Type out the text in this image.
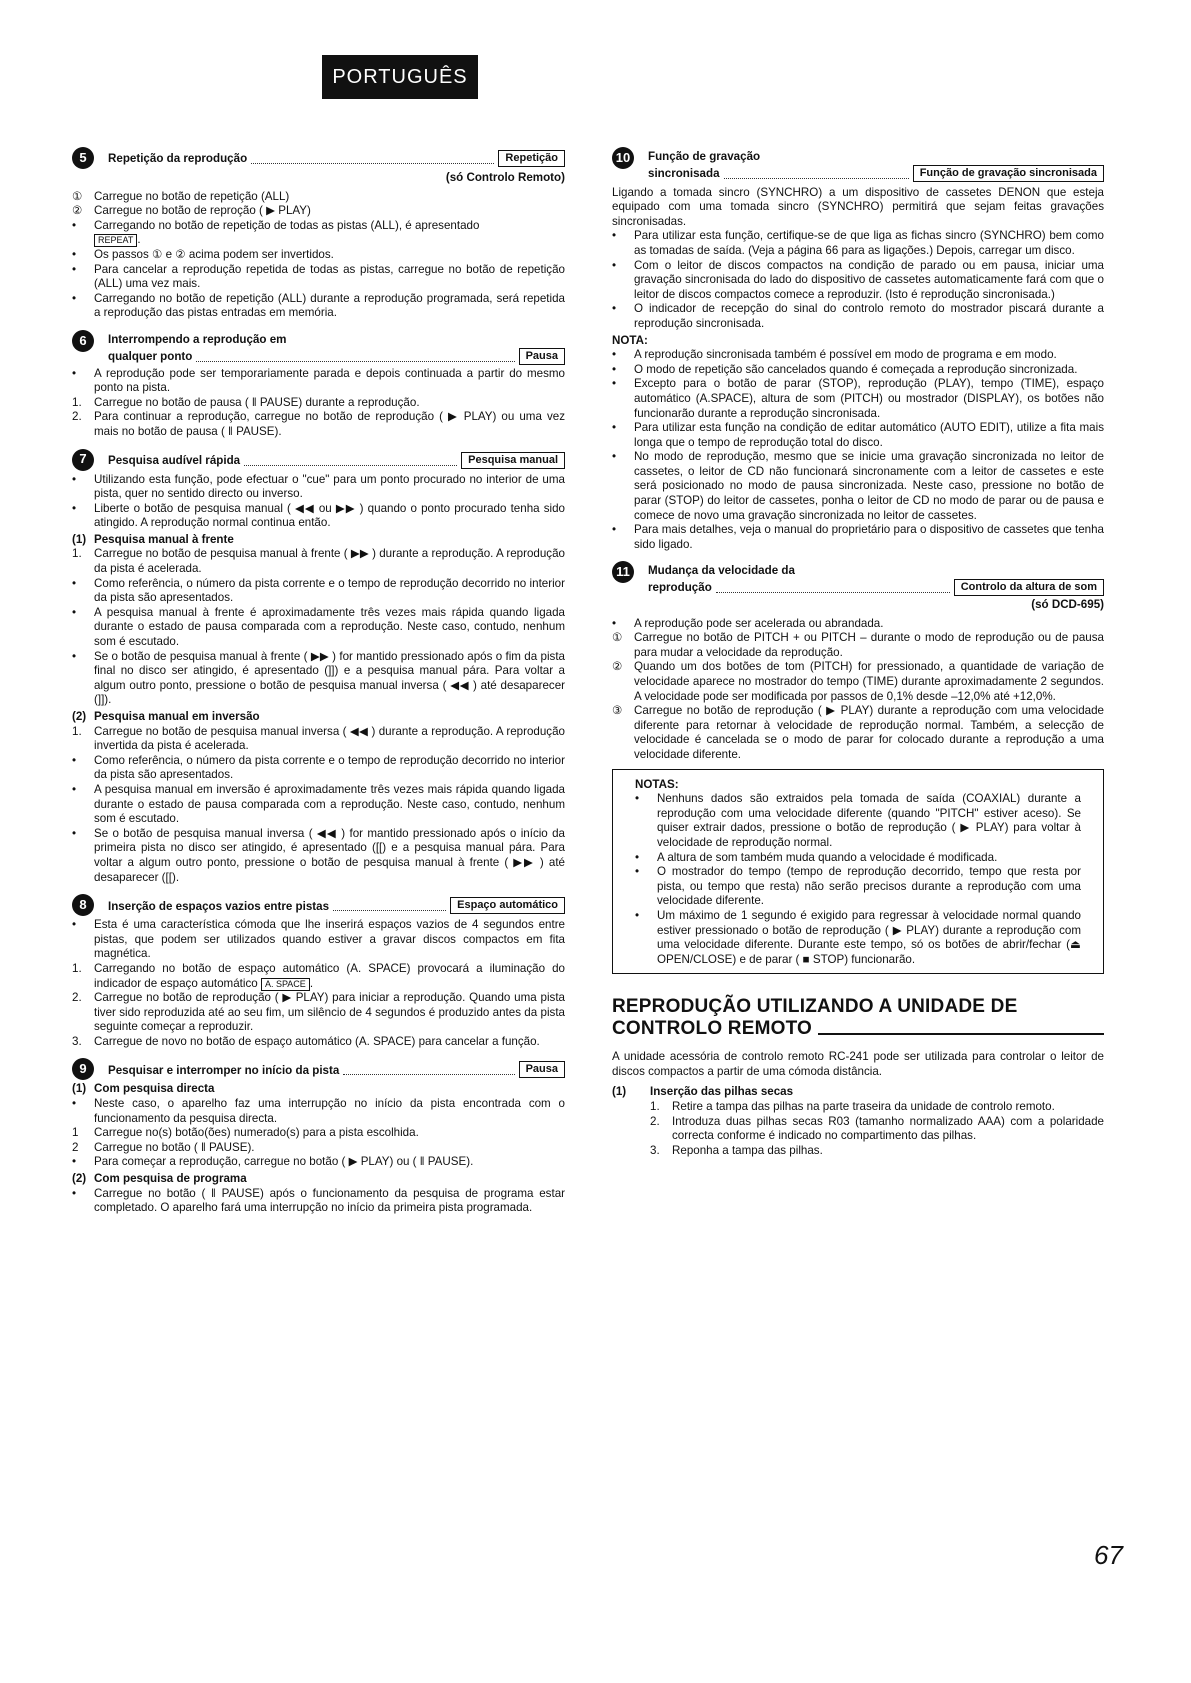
PORTUGUÊS
5	Repetição da reprodução	Repetição
(só Controlo Remoto)
① Carregue no botão de repetição (ALL)
② Carregue no botão de reproção ( ▶ PLAY)
•	Carregando no botão de repetição de todas as pistas (ALL), é apresentado
REPEAT .
•	Os passos ① e ② acima podem ser invertidos.
•	Para cancelar a reprodução repetida de todas as pistas, carregue no botão de repetição (ALL) uma vez mais.
•	Carregando no botão de repetição (ALL) durante a reprodução programada, será repetida a reprodução das pistas entradas em memória.
6	Interrompendo a reprodução em
qualquer ponto	Pausa
•	A reprodução pode ser temporariamente parada e depois continuada a partir do mesmo ponto na pista.
1.	Carregue no botão de pausa ( ǁ PAUSE) durante a reprodução.
2.	Para continuar a reprodução, carregue no botão de reprodução ( ▶ PLAY) ou uma vez mais no botão de pausa ( ǁ PAUSE).
7	Pesquisa audível rápida	Pesquisa manual
•	Utilizando esta função, pode efectuar o "cue" para um ponto procurado no interior de uma pista, quer no sentido directo ou inverso.
•	Liberte o botão de pesquisa manual ( ◀◀ ou ▶▶ ) quando o ponto procurado tenha sido atingido. A reprodução normal continua então.
(1) Pesquisa manual à frente
1.	Carregue no botão de pesquisa manual à frente ( ▶▶ ) durante a reprodução. A reprodução da pista é acelerada.
•	Como referência, o número da pista corrente e o tempo de reprodução decorrido no interior da pista são apresentados.
•	A pesquisa manual à frente é aproximadamente três vezes mais rápida quando ligada durante o estado de pausa comparada com a reprodução. Neste caso, contudo, nenhum som é escutado.
•	Se o botão de pesquisa manual à frente ( ▶▶ ) for mantido pressionado após o fim da pista final no disco ser atingido, é apresentado (]]) e a pesquisa manual pára. Para voltar a algum outro ponto, pressione o botão de pesquisa manual inversa ( ◀◀ ) até desaparecer (]]).
(2) Pesquisa manual em inversão
1.	Carregue no botão de pesquisa manual inversa ( ◀◀ ) durante a reprodução. A reprodução invertida da pista é acelerada.
•	Como referência, o número da pista corrente e o tempo de reprodução decorrido no interior da pista são apresentados.
•	A pesquisa manual em inversão é aproximadamente três vezes mais rápida quando ligada durante o estado de pausa comparada com a reprodução. Neste caso, contudo, nenhum som é escutado.
•	Se o botão de pesquisa manual inversa ( ◀◀ ) for mantido pressionado após o início da primeira pista no disco ser atingido, é apresentado ([[) e a pesquisa manual pára. Para voltar a algum outro ponto, pressione o botão de pesquisa manual à frente ( ▶▶ ) até desaparecer ([[).
8	Inserção de espaços vazios entre pistas	Espaço automático
•	Esta é uma característica cómoda que lhe inserirá espaços vazios de 4 segundos entre pistas, que podem ser utilizados quando estiver a gravar discos compactos em fita magnética.
1.	Carregando no botão de espaço automático (A. SPACE) provocará a iluminação do indicador de espaço automático A. SPACE .
2.	Carregue no botão de reprodução ( ▶ PLAY) para iniciar a reprodução. Quando uma pista tiver sido reproduzida até ao seu fim, um silêncio de 4 segundos é produzido antes da pista seguinte começar a reproduzir.
3.	Carregue de novo no botão de espaço automático (A. SPACE) para cancelar a função.
9	Pesquisar e interromper no início da pista	Pausa
(1) Com pesquisa directa
•	Neste caso, o aparelho faz uma interrupção no início da pista encontrada com o funcionamento da pesquisa directa.
1	Carregue no(s) botão(ões) numerado(s) para a pista escolhida.
2	Carregue no botão ( ǁ PAUSE).
•	Para começar a reprodução, carregue no botão ( ▶ PLAY) ou ( ǁ PAUSE).
(2) Com pesquisa de programa
•	Carregue no botão ( ǁ PAUSE) após o funcionamento da pesquisa de programa estar completado. O aparelho fará uma interrupção no início da primeira pista programada.
10	Função de gravação
sincronisada	Função de gravação sincronisada
Ligando a tomada sincro (SYNCHRO) a um dispositivo de cassetes DENON que esteja equipado com uma tomada sincro (SYNCHRO) permitirá que sejam feitas gravações sincronisadas.
•	Para utilizar esta função, certifique-se de que liga as fichas sincro (SYNCHRO) bem como as tomadas de saída. (Veja a página 66 para as ligações.) Depois, carregar um disco.
•	Com o leitor de discos compactos na condição de parado ou em pausa, iniciar uma gravação sincronisada do lado do dispositivo de cassetes automaticamente fará com que o leitor de discos compactos comece a reproduzir. (Isto é reprodução sincronisada.)
•	O indicador de recepção do sinal do controlo remoto do mostrador piscará durante a reprodução sincronisada.
NOTA:
•	A reprodução sincronisada também é possível em modo de programa e em modo.
•	O modo de repetição são cancelados quando é começada a reprodução sincronizada.
•	Excepto para o botão de parar (STOP), reprodução (PLAY), tempo (TIME), espaço automático (A.SPACE), altura de som (PITCH) ou mostrador (DISPLAY), os botões não funcionarão durante a reprodução sincronisada.
•	Para utilizar esta função na condição de editar automático (AUTO EDIT), utilize a fita mais longa que o tempo de reprodução total do disco.
•	No modo de reprodução, mesmo que se inicie uma gravação sincronizada no leitor de cassetes, o leitor de CD não funcionará sincronamente com a leitor de cassetes e este será posicionado no modo de pausa sincronizada. Neste caso, pressione no botão de parar (STOP) do leitor de cassetes, ponha o leitor de CD no modo de parar ou de pausa e comece de novo uma gravação sincronizada no leitor de cassetes.
•	Para mais detalhes, veja o manual do proprietário para o dispositivo de cassetes que tenha sido ligado.
11	Mudança da velocidade da
reprodução	Controlo da altura de som
(só DCD-695)
•	A reprodução pode ser acelerada ou abrandada.
① Carregue no botão de PITCH + ou PITCH – durante o modo de reprodução ou de pausa para mudar a velocidade da reprodução.
② Quando um dos botões de tom (PITCH) for pressionado, a quantidade de variação de velocidade aparece no mostrador do tempo (TIME) durante aproximadamente 2 segundos. A velocidade pode ser modificada por passos de 0,1% desde –12,0% até +12,0%.
③ Carregue no botão de reprodução ( ▶ PLAY) durante a reprodução com uma velocidade diferente para retornar à velocidade de reprodução normal. Também, a selecção de velocidade é cancelada se o modo de parar for colocado durante a reprodução a uma velocidade diferente.
NOTAS:
•	Nenhuns dados são extraidos pela tomada de saída (COAXIAL) durante a reprodução com uma velocidade diferente (quando "PITCH" estiver aceso). Se quiser extrair dados, pressione o botão de reprodução ( ▶ PLAY) para voltar à velocidade de reprodução normal.
•	A altura de som também muda quando a velocidade é modificada.
•	O mostrador do tempo (tempo de reprodução decorrido, tempo que resta por pista, ou tempo que resta) não serão precisos durante a reprodução com uma velocidade diferente.
•	Um máximo de 1 segundo é exigido para regressar à velocidade normal quando estiver pressionado o botão de reprodução ( ▶ PLAY) durante a reprodução com uma velocidade diferente. Durante este tempo, só os botões de abrir/fechar (⏏ OPEN/CLOSE) e de parar ( ■ STOP) funcionarão.
REPRODUÇÃO UTILIZANDO A UNIDADE DE
CONTROLO REMOTO
A unidade acessória de controlo remoto RC-241 pode ser utilizada para controlar o leitor de discos compactos a partir de uma cómoda distância.
(1)	Inserção das pilhas secas
1.	Retire a tampa das pilhas na parte traseira da unidade de controlo remoto.
2.	Introduza duas pilhas secas R03 (tamanho normalizado AAA) com a polaridade correcta conforme é indicado no compartimento das pilhas.
3.	Reponha a tampa das pilhas.
67
